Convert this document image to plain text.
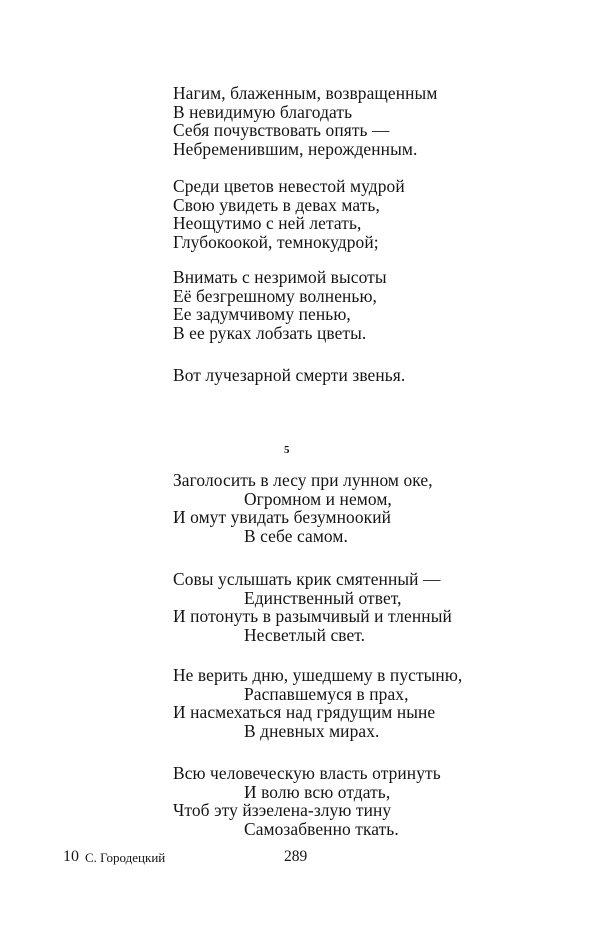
Нагим, блаженным, возвращенным
В невидимую благодать
Себя почувствовать опять —
Небременившим, нерожденным.
Среди цветов невестой мудрой
Свою увидеть в девах мать,
Неощутимо с ней летать,
Глубокоокой, темнокудрой;
Внимать с незримой высоты
Её безгрешному волненью,
Ее задумчивому пенью,
В ее руках лобзать цветы.
Вот лучезарной смерти звенья.
5
Заголосить в лесу при лунном оке,
Огромном и немом,
И омут увидать безумноокий
В себе самом.
Совы услышать крик смятенный —
Единственный ответ,
И потонуть в разымчивый и тленный
Несветлый свет.
Не верить дню, ушедшему в пустыню,
Распавшемуся в прах,
И насмехаться над грядущим ныне
В дневных мирах.
Всю человеческую власть отринуть
И волю всю отдать,
Чтоб эту йзэелена-злую тину
Самозабвенно ткать.
10 С. Городецкий	289
